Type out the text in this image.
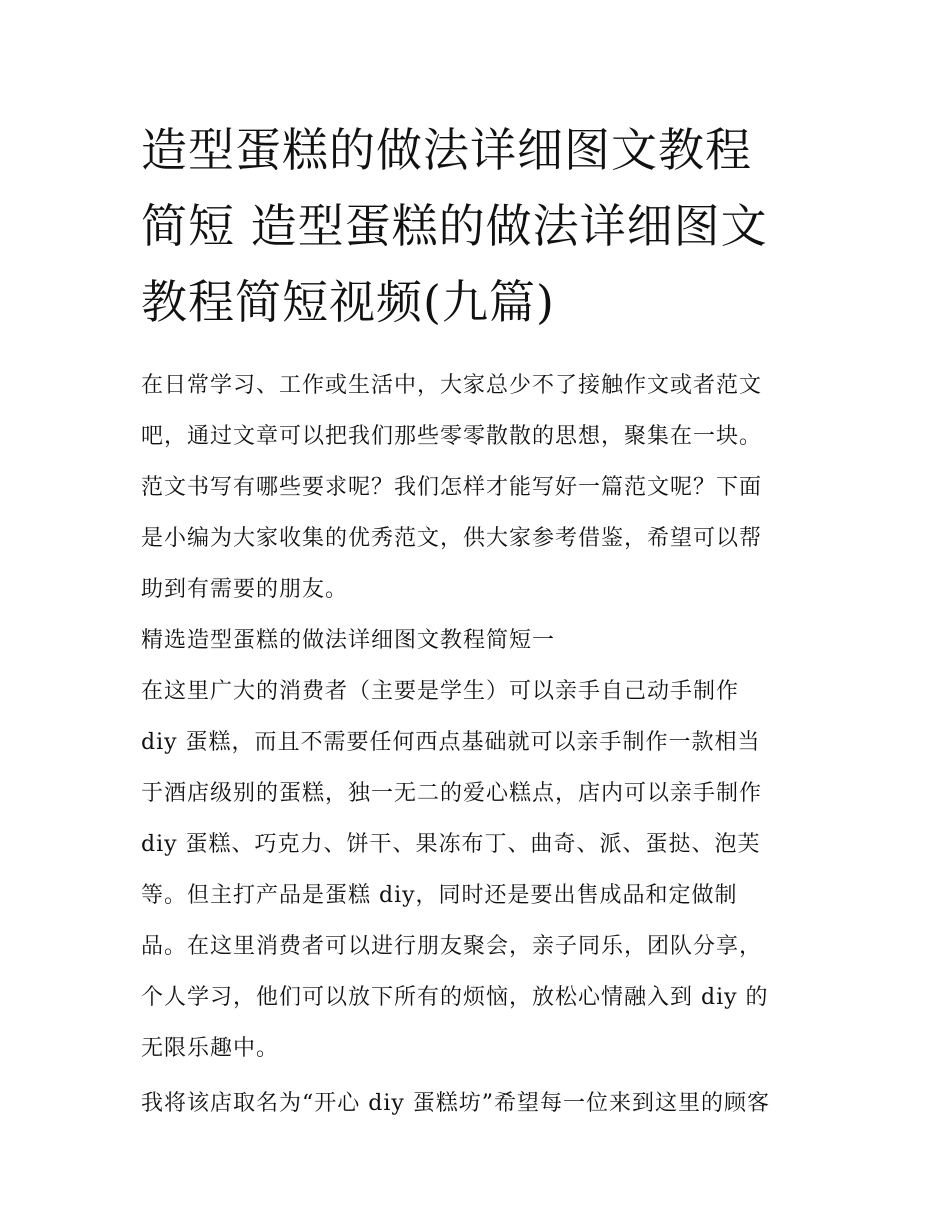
造型蛋糕的做法详细图文教程
简短 造型蛋糕的做法详细图文
教程简短视频(九篇)

在日常学习、工作或生活中，大家总少不了接触作文或者范文
吧，通过文章可以把我们那些零零散散的思想，聚集在一块。
范文书写有哪些要求呢？我们怎样才能写好一篇范文呢？下面
是小编为大家收集的优秀范文，供大家参考借鉴，希望可以帮
助到有需要的朋友。

精选造型蛋糕的做法详细图文教程简短一

在这里广大的消费者（主要是学生）可以亲手自己动手制作
diy 蛋糕，而且不需要任何西点基础就可以亲手制作一款相当
于酒店级别的蛋糕，独一无二的爱心糕点，店内可以亲手制作
diy 蛋糕、巧克力、饼干、果冻布丁、曲奇、派、蛋挞、泡芙
等。但主打产品是蛋糕 diy，同时还是要出售成品和定做制
品。在这里消费者可以进行朋友聚会，亲子同乐，团队分享，
个人学习，他们可以放下所有的烦恼，放松心情融入到 diy 的
无限乐趣中。

我将该店取名为“开心 diy 蛋糕坊”希望每一位来到这里的顾客
